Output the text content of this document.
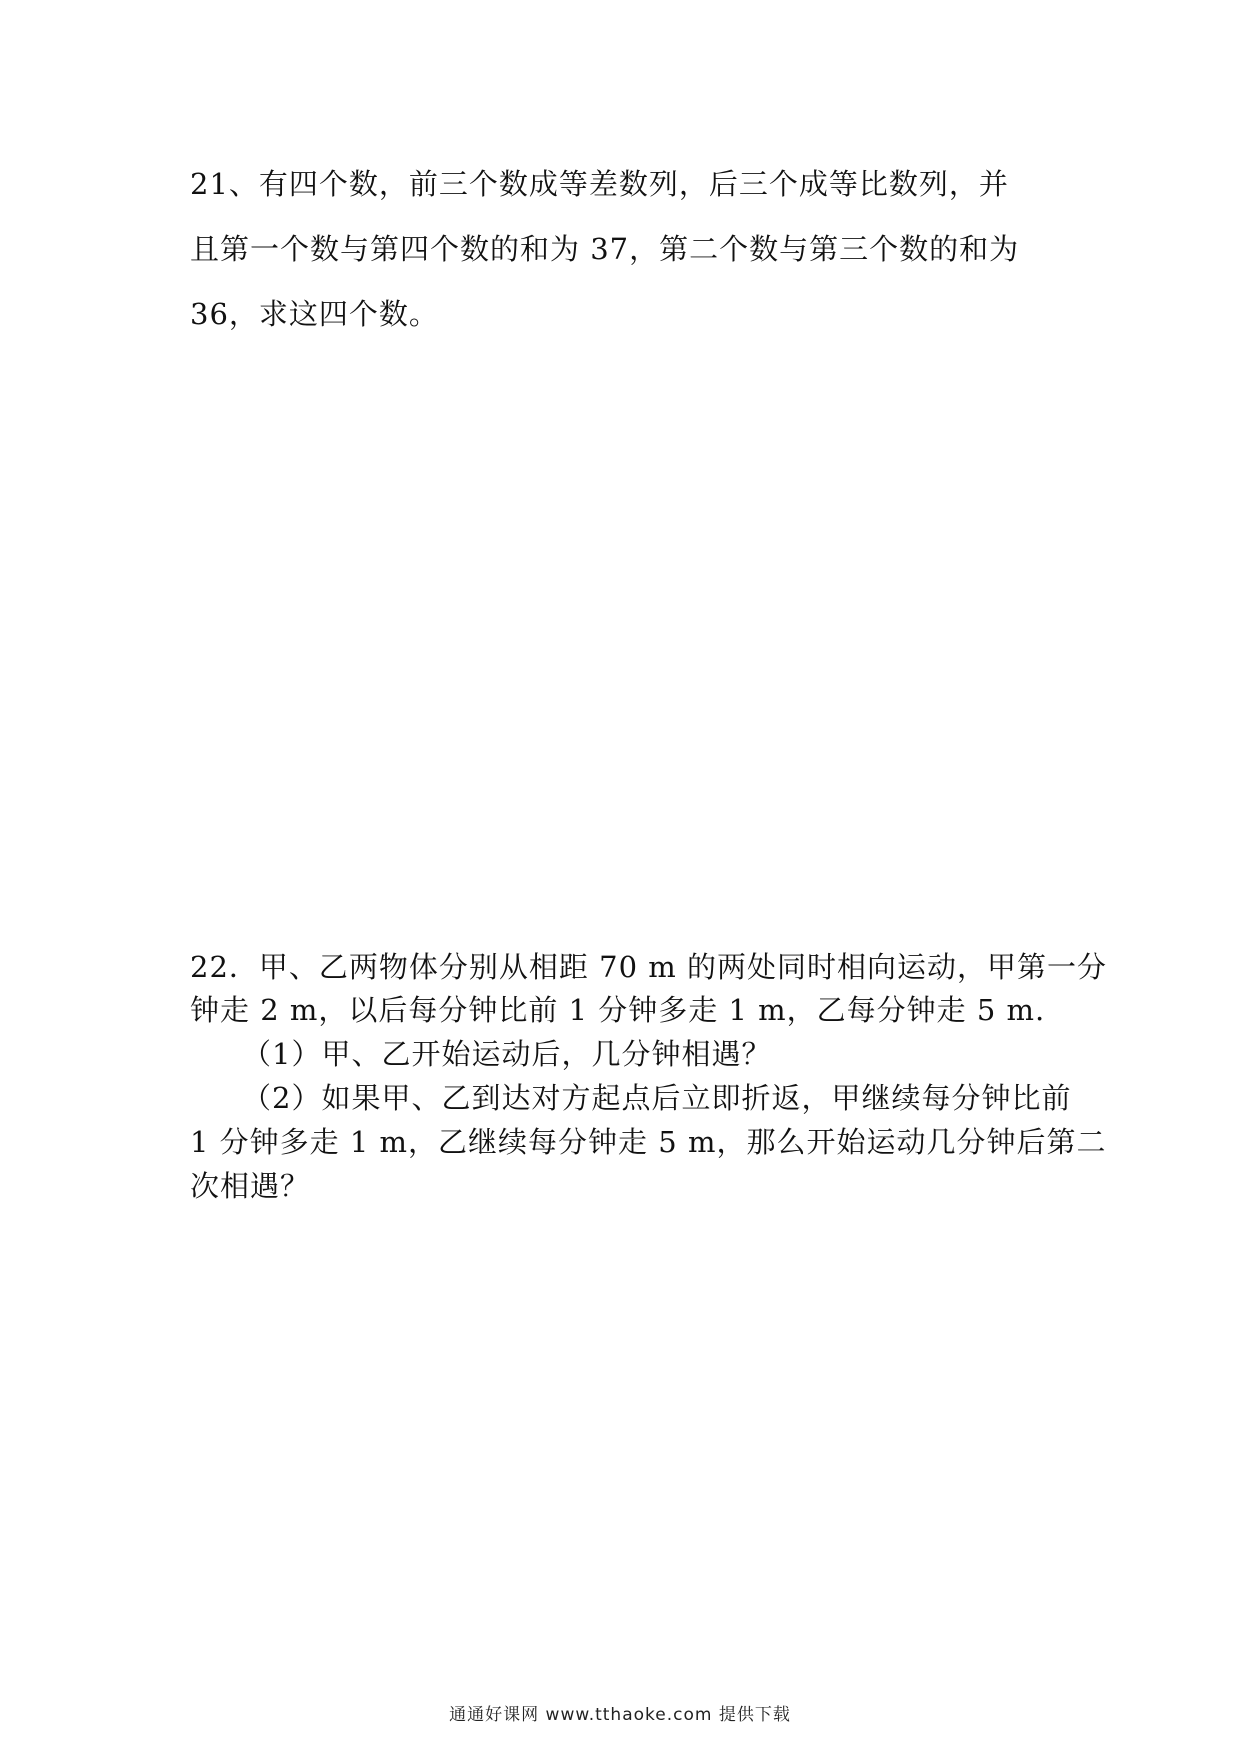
21、有四个数，前三个数成等差数列，后三个成等比数列，并
且第一个数与第四个数的和为 37，第二个数与第三个数的和为
36，求这四个数。
22．甲、乙两物体分别从相距 70 m 的两处同时相向运动，甲第一分
钟走 2 m，以后每分钟比前 1 分钟多走 1 m，乙每分钟走 5 m.
（1）甲、乙开始运动后，几分钟相遇？
（2）如果甲、乙到达对方起点后立即折返，甲继续每分钟比前
1 分钟多走 1 m，乙继续每分钟走 5 m，那么开始运动几分钟后第二
次相遇？
通通好课网 www.tthaoke.com 提供下载
